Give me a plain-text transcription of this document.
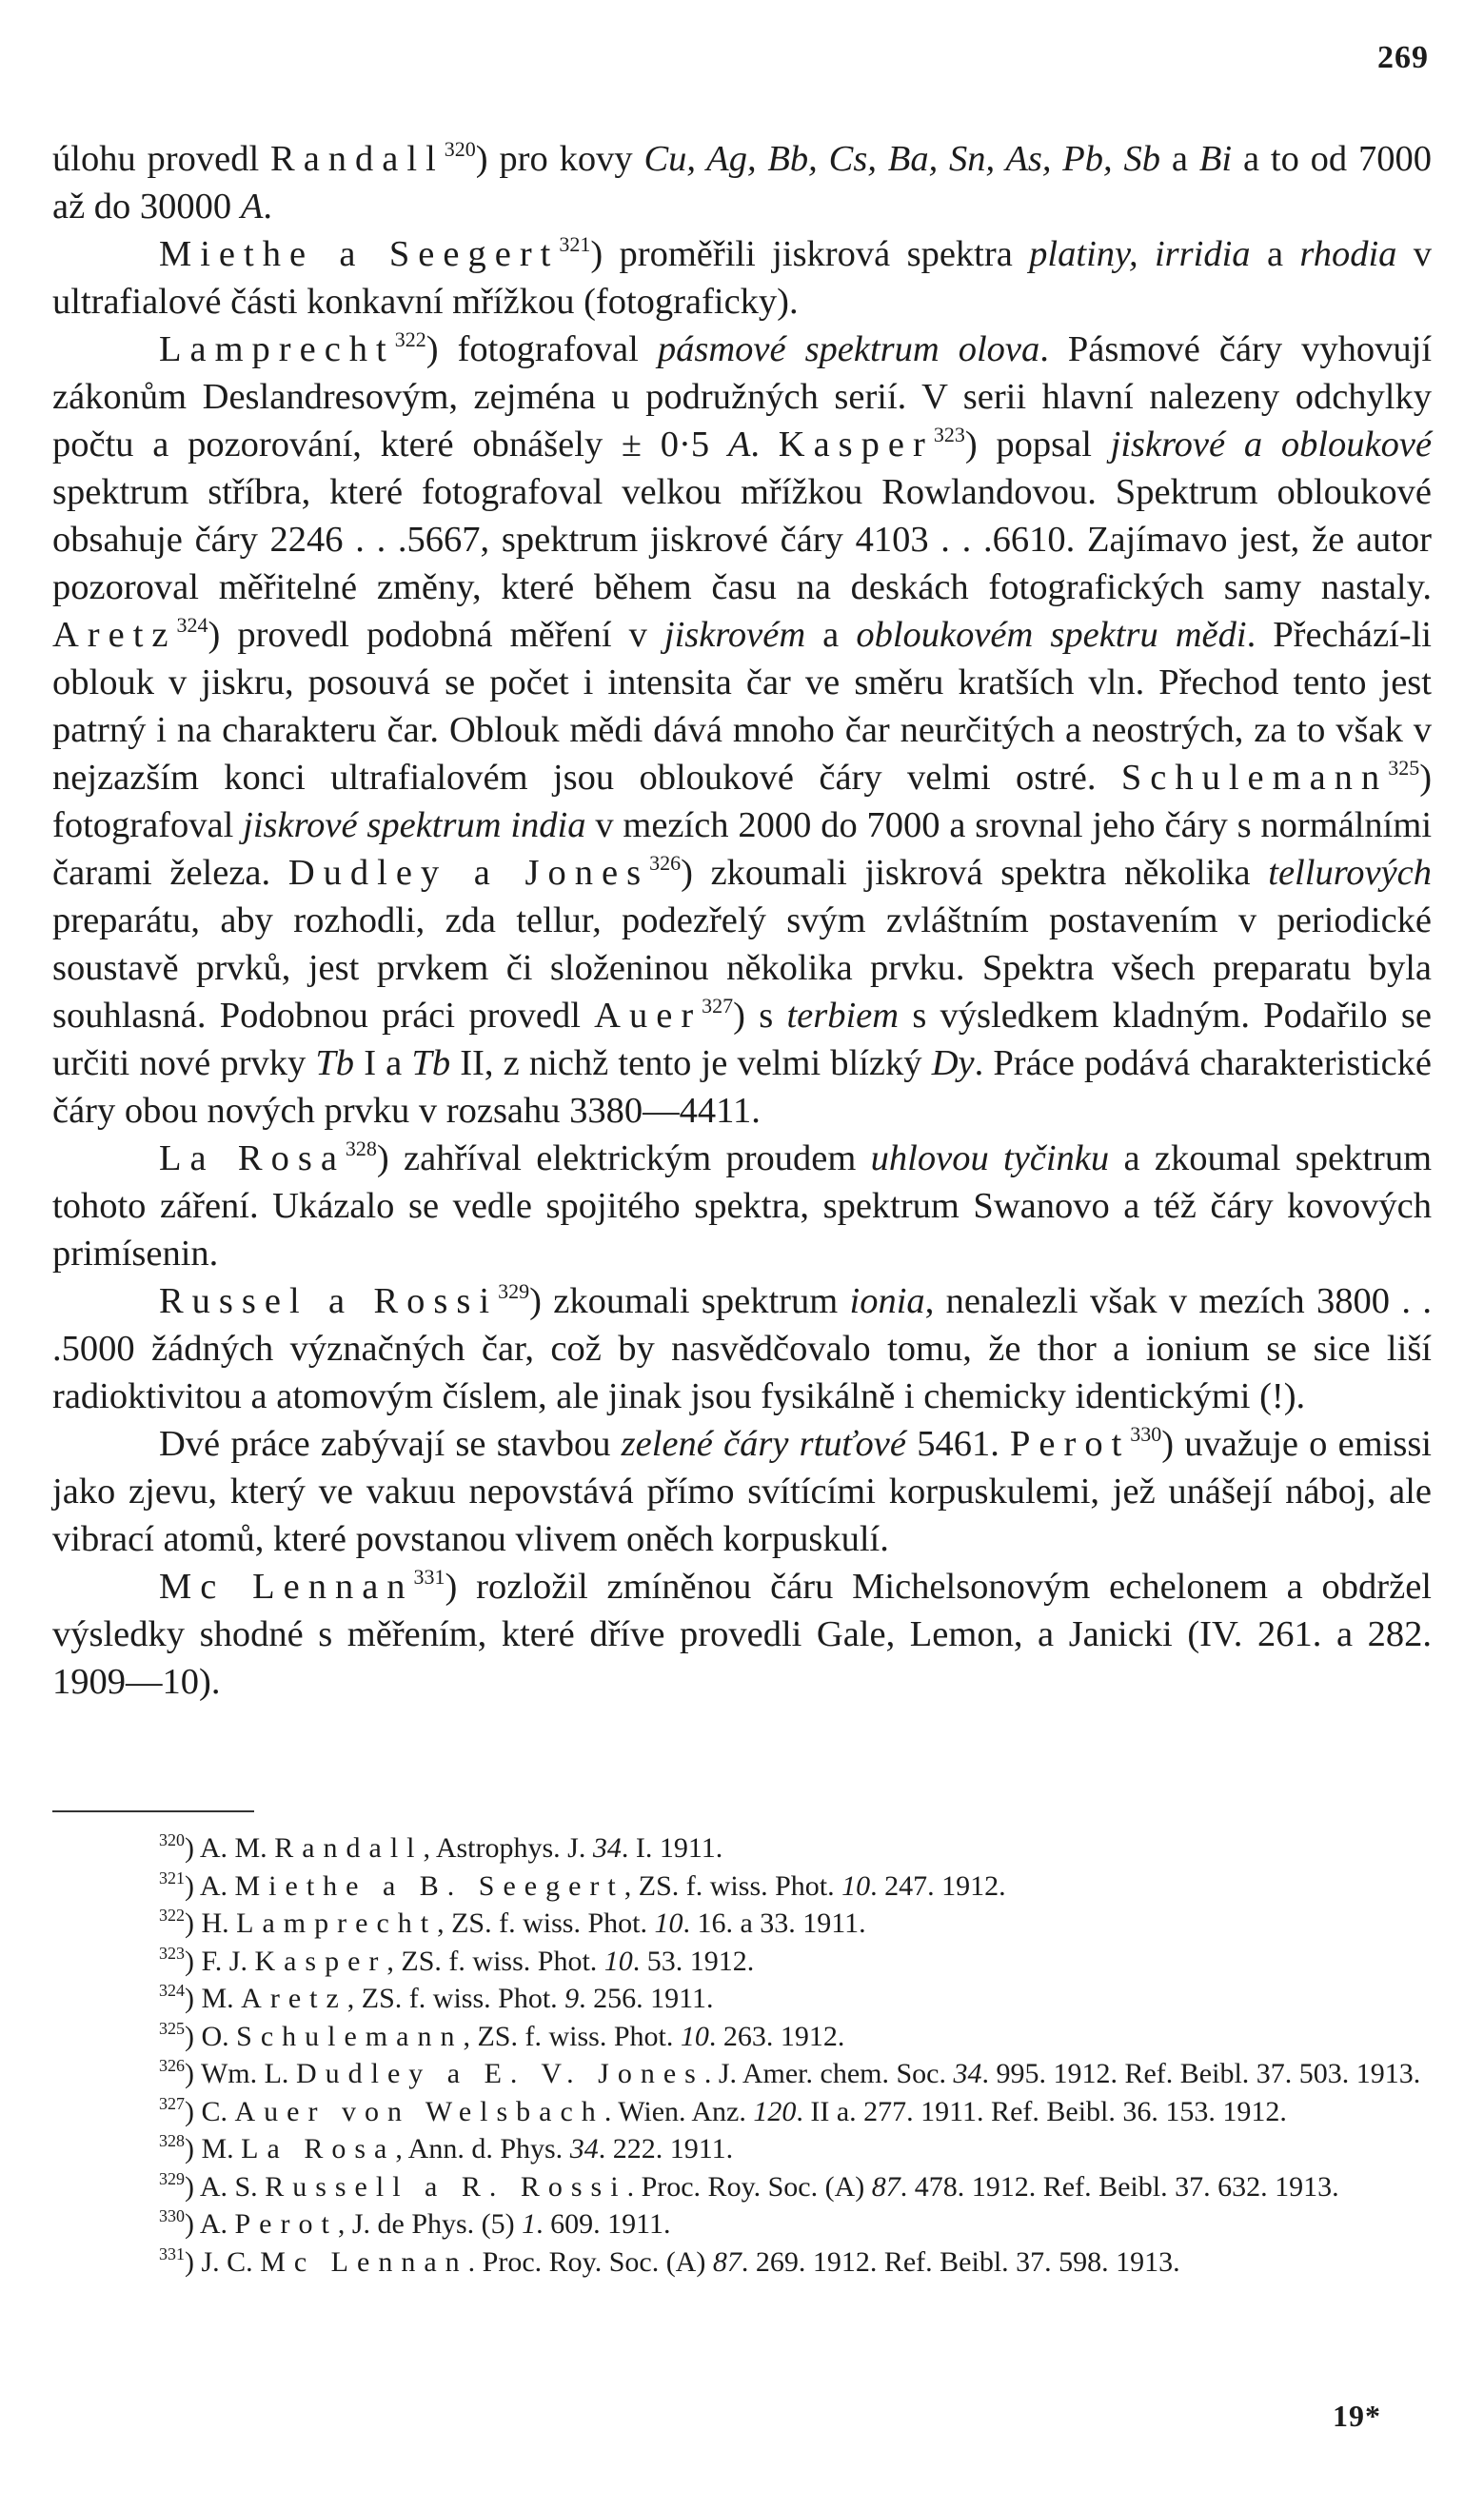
269

úlohu provedl Randall$^{320}$) pro kovy Cu, Ag, Bb, Cs, Ba, Sn, As, Pb, Sb a Bi a to od 7000 až do 30000 A.

Miethe a Seegert$^{321}$) proměřili jiskrová spektra platiny, irridia a rhodia v ultrafialové části konkavní mřížkou (fotograficky).

Lamprecht$^{322}$) fotografoval pásmové spektrum olova. Pásmové čáry vyhovují zákonům Deslandresovým, zejména u podružných serií. V serii hlavní nalezeny odchylky počtu a pozorování, které obnášely ± 0·5 A. Kasper$^{323}$) popsal jiskrové a obloukové spektrum stříbra, které fotografoval velkou mřížkou Rowlandovou. Spektrum obloukové obsahuje čáry 2246 . . .5667, spektrum jiskrové čáry 4103 . . .6610. Zajímavo jest, že autor pozoroval měřitelné změny, které během času na deskách fotografických samy nastaly. Aretz$^{324}$) provedl podobná měření v jiskrovém a obloukovém spektru mědi. Přechází-li oblouk v jiskru, posouvá se počet i intensita čar ve směru kratších vln. Přechod tento jest patrný i na charakteru čar. Oblouk mědi dává mnoho čar neurčitých a neostrých, za to však v nejzazším konci ultrafialovém jsou obloukové čáry velmi ostré. Schulemann$^{325}$) fotografoval jiskrové spektrum india v mezích 2000 do 7000 a srovnal jeho čáry s normálními čarami železa. Dudley a Jones$^{326}$) zkoumali jiskrová spektra několika tellurových preparátu, aby rozhodli, zda tellur, podezřelý svým zvláštním postavením v periodické soustavě prvků, jest prvkem či složeninou několika prvku. Spektra všech preparatu byla souhlasná. Podobnou práci provedl Auer$^{327}$) s terbiem s výsledkem kladným. Podařilo se určiti nové prvky Tb I a Tb II, z nichž tento je velmi blízký Dy. Práce podává charakteristické čáry obou nových prvku v rozsahu 3380—4411.

La Rosa$^{328}$) zahříval elektrickým proudem uhlovou tyčinku a zkoumal spektrum tohoto záření. Ukázalo se vedle spojitého spektra, spektrum Swanovo a též čáry kovových primísenin.

Russel a Rossi$^{329}$) zkoumali spektrum ionia, nenalezli však v mezích 3800 . . .5000 žádných význačných čar, což by nasvědčovalo tomu, že thor a ionium se sice liší radioktivitou a atomovým číslem, ale jinak jsou fysikálně i chemicky identickými (!).

Dvé práce zabývají se stavbou zelené čáry rtuťové 5461. Perot$^{330}$) uvažuje o emissi jako zjevu, který ve vakuu nepovstává přímo svítícími korpuskulemi, jež unášejí náboj, ale vibrací atomů, které povstanou vlivem oněch korpuskulí.

Mc Lennan$^{331}$) rozložil zmíněnou čáru Michelsonovým echelonem a obdržel výsledky shodné s měřením, které dříve provedli Gale, Lemon, a Janicki (IV. 261. a 282. 1909—10).

$^{320}$) A. M. Randall, Astrophys. J. 34. I. 1911.

$^{321}$) A. Miethe a B. Seegert, ZS. f. wiss. Phot. 10. 247. 1912.

$^{322}$) H. Lamprecht, ZS. f. wiss. Phot. 10. 16. a 33. 1911.

$^{323}$) F. J. Kasper, ZS. f. wiss. Phot. 10. 53. 1912.

$^{324}$) M. Aretz, ZS. f. wiss. Phot. 9. 256. 1911.

$^{325}$) O. Schulemann, ZS. f. wiss. Phot. 10. 263. 1912.

$^{326}$) Wm. L. Dudley a E. V. Jones. J. Amer. chem. Soc. 34. 995. 1912. Ref. Beibl. 37. 503. 1913.

$^{327}$) C. Auer von Welsbach. Wien. Anz. 120. II a. 277. 1911. Ref. Beibl. 36. 153. 1912.

$^{328}$) M. La Rosa, Ann. d. Phys. 34. 222. 1911.

$^{329}$) A. S. Russell a R. Rossi. Proc. Roy. Soc. (A) 87. 478. 1912. Ref. Beibl. 37. 632. 1913.

$^{330}$) A. Perot, J. de Phys. (5) 1. 609. 1911.

$^{331}$) J. C. Mc Lennan. Proc. Roy. Soc. (A) 87. 269. 1912. Ref. Beibl. 37. 598. 1913.

19*
